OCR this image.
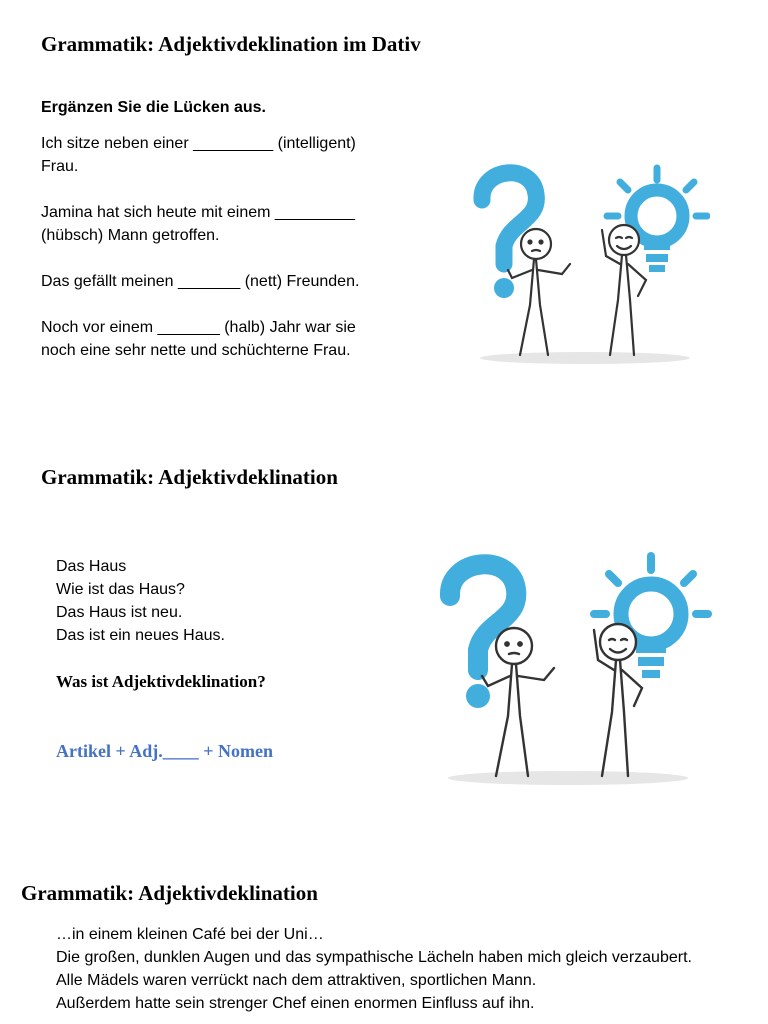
Grammatik: Adjektivdeklination im Dativ
Ergänzen Sie die Lücken aus.
Ich sitze neben einer _________ (intelligent)
Frau.
Jamina hat sich heute mit einem _________
(hübsch) Mann getroffen.
Das gefällt meinen _______ (nett) Freunden.
Noch vor einem _______ (halb) Jahr war sie
noch eine sehr nette und schüchterne Frau.
Grammatik: Adjektivdeklination
Das Haus
Wie ist das Haus?
Das Haus ist neu.
Das ist ein neues Haus.
Was ist Adjektivdeklination?
Artikel + Adj.____ + Nomen
Grammatik: Adjektivdeklination
…in einem kleinen Café bei der Uni…
Die großen, dunklen Augen und das sympathische Lächeln haben mich gleich verzaubert.
Alle Mädels waren verrückt nach dem attraktiven, sportlichen Mann.
Außerdem hatte sein strenger Chef einen enormen Einfluss auf ihn.
